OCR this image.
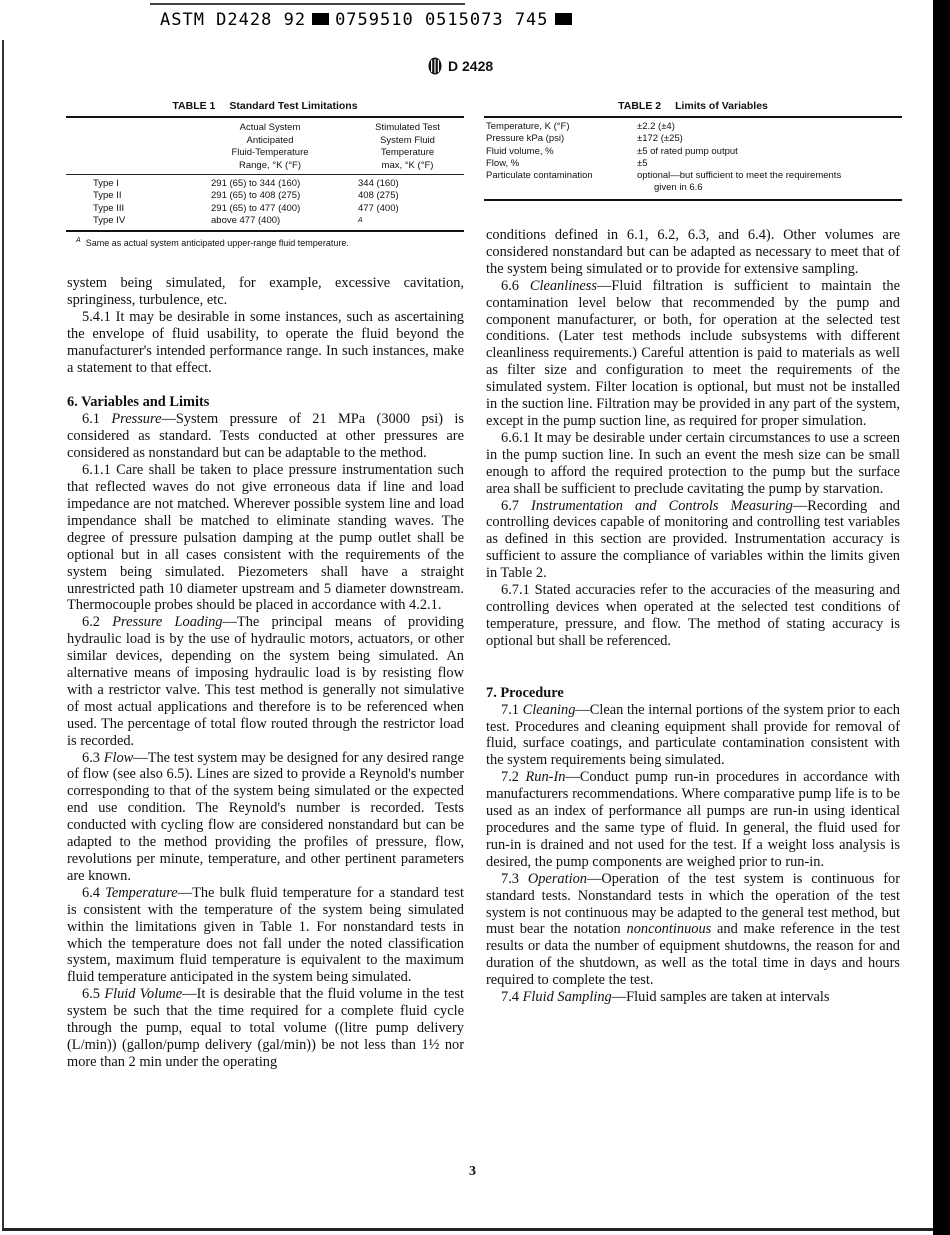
ASTM D2428 92 0759510 0515073 745
D 2428
TABLE 1 Standard Test Limitations
Actual System
Anticipated
Fluid-Temperature
Range, °K (°F)
Stimulated Test
System Fluid
Temperature
max, °K (°F)
Type I	291 (65) to 344 (160)	344 (160)
Type II	291 (65) to 408 (275)	408 (275)
Type III	291 (65) to 477 (400)	477 (400)
Type IV	above 477 (400)	A
$^A$ Same as actual system anticipated upper-range fluid temperature.
TABLE 2 Limits of Variables
Temperature, K (°F)	±2.2 (±4)
Pressure kPa (psi)	±172 (±25)
Fluid volume, %	±5 of rated pump output
Flow, %	±5
Particulate contamination	optional—but sufficient to meet the requirements
given in 6.6

system being simulated, for example, excessive cavitation, springiness, turbulence, etc.

5.4.1 It may be desirable in some instances, such as ascertaining the envelope of fluid usability, to operate the fluid beyond the manufacturer's intended performance range. In such instances, make a statement to that effect.

6. Variables and Limits

6.1 Pressure—System pressure of 21 MPa (3000 psi) is considered as standard. Tests conducted at other pressures are considered as nonstandard but can be adaptable to the method.

6.1.1 Care shall be taken to place pressure instrumentation such that reflected waves do not give erroneous data if line and load impedance are not matched. Wherever possible system line and load impendance shall be matched to eliminate standing waves. The degree of pressure pulsation damping at the pump outlet shall be optional but in all cases consistent with the requirements of the system being simulated. Piezometers shall have a straight unrestricted path 10 diameter upstream and 5 diameter downstream. Thermocouple probes should be placed in accordance with 4.2.1.

6.2 Pressure Loading—The principal means of providing hydraulic load is by the use of hydraulic motors, actuators, or other similar devices, depending on the system being simulated. An alternative means of imposing hydraulic load is by resisting flow with a restrictor valve. This test method is generally not simulative of most actual applications and therefore is to be referenced when used. The percentage of total flow routed through the restrictor load is recorded.

6.3 Flow—The test system may be designed for any desired range of flow (see also 6.5). Lines are sized to provide a Reynold's number corresponding to that of the system being simulated or the expected end use condition. The Reynold's number is recorded. Tests conducted with cycling flow are considered nonstandard but can be adapted to the method providing the profiles of pressure, flow, revolutions per minute, temperature, and other pertinent parameters are known.

6.4 Temperature—The bulk fluid temperature for a standard test is consistent with the temperature of the system being simulated within the limitations given in Table 1. For nonstandard tests in which the temperature does not fall under the noted classification system, maximum fluid temperature is equivalent to the maximum fluid temperature anticipated in the system being simulated.

6.5 Fluid Volume—It is desirable that the fluid volume in the test system be such that the time required for a complete fluid cycle through the pump, equal to total volume ((litre pump delivery (L/min)) (gallon/pump delivery (gal/min)) be not less than 1½ nor more than 2 min under the operating

conditions defined in 6.1, 6.2, 6.3, and 6.4). Other volumes are considered nonstandard but can be adapted as necessary to meet that of the system being simulated or to provide for extensive sampling.

6.6 Cleanliness—Fluid filtration is sufficient to maintain the contamination level below that recommended by the pump and component manufacturer, or both, for operation at the selected test conditions. (Later test methods include subsystems with different cleanliness requirements.) Careful attention is paid to materials as well as filter size and configuration to meet the requirements of the simulated system. Filter location is optional, but must not be installed in the suction line. Filtration may be provided in any part of the system, except in the pump suction line, as required for proper simulation.

6.6.1 It may be desirable under certain circumstances to use a screen in the pump suction line. In such an event the mesh size can be small enough to afford the required protection to the pump but the surface area shall be sufficient to preclude cavitating the pump by starvation.

6.7 Instrumentation and Controls Measuring—Recording and controlling devices capable of monitoring and controlling test variables as defined in this section are provided. Instrumentation accuracy is sufficient to assure the compliance of variables within the limits given in Table 2.

6.7.1 Stated accuracies refer to the accuracies of the measuring and controlling devices when operated at the selected test conditions of temperature, pressure, and flow. The method of stating accuracy is optional but shall be referenced.

7. Procedure

7.1 Cleaning—Clean the internal portions of the system prior to each test. Procedures and cleaning equipment shall provide for removal of fluid, surface coatings, and particulate contamination consistent with the system requirements being simulated.

7.2 Run-In—Conduct pump run-in procedures in accordance with manufacturers recommendations. Where comparative pump life is to be used as an index of performance all pumps are run-in using identical procedures and the same type of fluid. In general, the fluid used for run-in is drained and not used for the test. If a weight loss analysis is desired, the pump components are weighed prior to run-in.

7.3 Operation—Operation of the test system is continuous for standard tests. Nonstandard tests in which the operation of the test system is not continuous may be adapted to the general test method, but must bear the notation noncontinuous and make reference in the test results or data the number of equipment shutdowns, the reason for and duration of the shutdown, as well as the total time in days and hours required to complete the test.

7.4 Fluid Sampling—Fluid samples are taken at intervals

3
